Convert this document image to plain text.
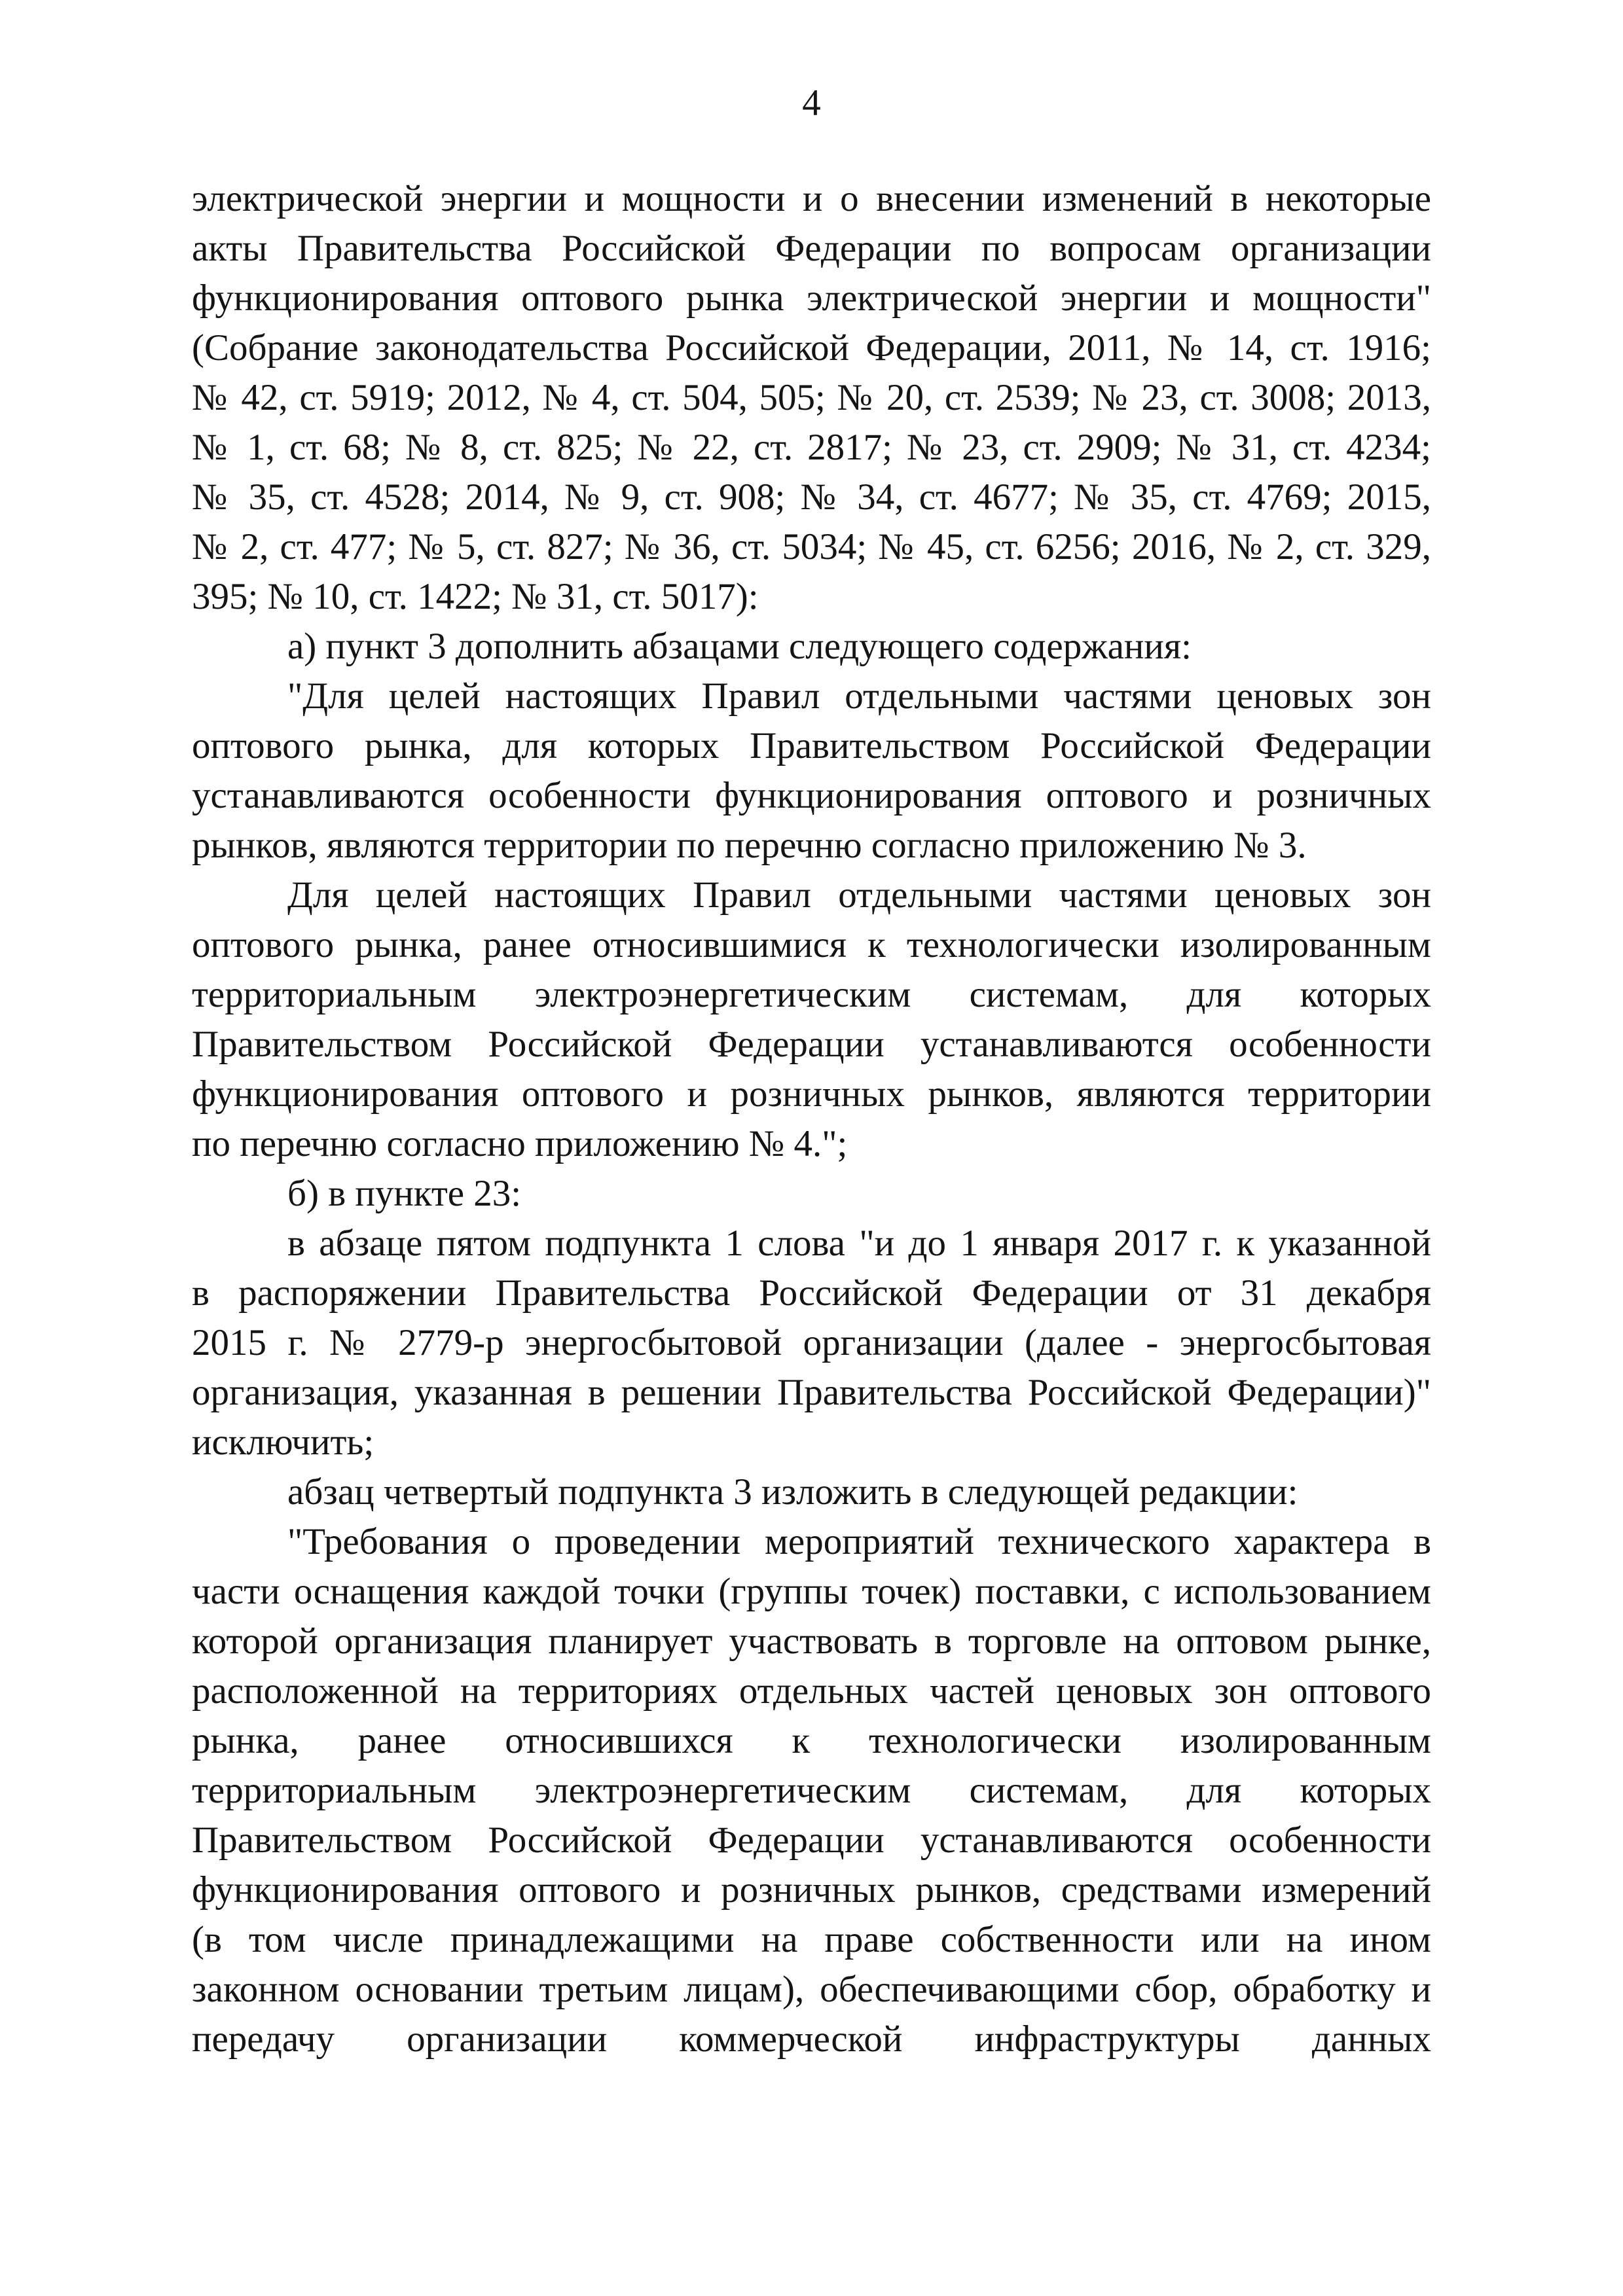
4
электрической энергии и мощности и о внесении изменений в некоторые
акты Правительства Российской Федерации по вопросам организации
функционирования оптового рынка электрической энергии и мощности"
(Собрание законодательства Российской Федерации, 2011, № 14, ст. 1916;
№ 42, ст. 5919; 2012, № 4, ст. 504, 505; № 20, ст. 2539; № 23, ст. 3008; 2013,
№ 1, ст. 68; № 8, ст. 825; № 22, ст. 2817; № 23, ст. 2909; № 31, ст. 4234;
№ 35, ст. 4528; 2014, № 9, ст. 908; № 34, ст. 4677; № 35, ст. 4769; 2015,
№ 2, ст. 477; № 5, ст. 827; № 36, ст. 5034; № 45, ст. 6256; 2016, № 2, ст. 329,
395; № 10, ст. 1422; № 31, ст. 5017):
а) пункт 3 дополнить абзацами следующего содержания:
"Для целей настоящих Правил отдельными частями ценовых зон
оптового рынка, для которых Правительством Российской Федерации
устанавливаются особенности функционирования оптового и розничных
рынков, являются территории по перечню согласно приложению № 3.
Для целей настоящих Правил отдельными частями ценовых зон
оптового рынка, ранее относившимися к технологически изолированным
территориальным электроэнергетическим системам, для которых
Правительством Российской Федерации устанавливаются особенности
функционирования оптового и розничных рынков, являются территории
по перечню согласно приложению № 4.";
б) в пункте 23:
в абзаце пятом подпункта 1 слова "и до 1 января 2017 г. к указанной
в распоряжении Правительства Российской Федерации от 31 декабря
2015 г. № 2779-р энергосбытовой организации (далее - энергосбытовая
организация, указанная в решении Правительства Российской Федерации)"
исключить;
абзац четвертый подпункта 3 изложить в следующей редакции:
"Требования о проведении мероприятий технического характера в
части оснащения каждой точки (группы точек) поставки, с использованием
которой организация планирует участвовать в торговле на оптовом рынке,
расположенной на территориях отдельных частей ценовых зон оптового
рынка, ранее относившихся к технологически изолированным
территориальным электроэнергетическим системам, для которых
Правительством Российской Федерации устанавливаются особенности
функционирования оптового и розничных рынков, средствами измерений
(в том числе принадлежащими на праве собственности или на ином
законном основании третьим лицам), обеспечивающими сбор, обработку и
передачу организации коммерческой инфраструктуры данных
